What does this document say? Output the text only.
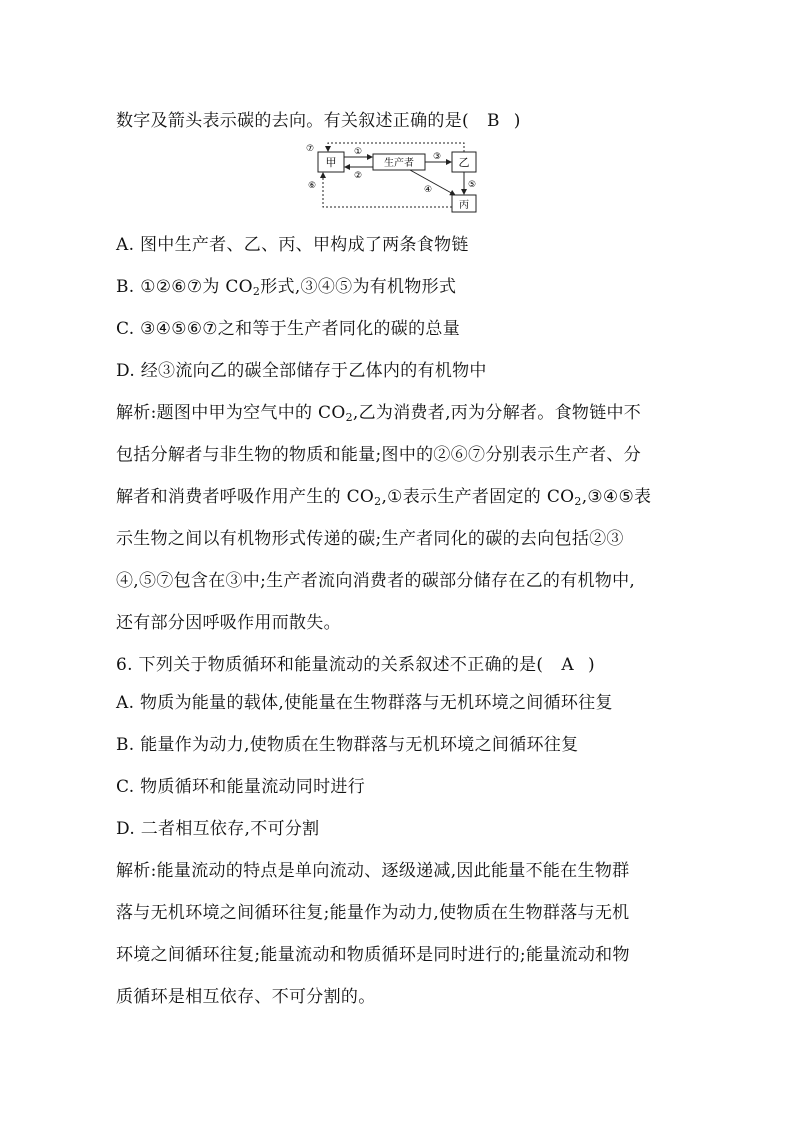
数字及箭头表示碳的去向。有关叙述正确的是( B )
甲	生产者	乙
丙
①
②
③
④	⑤
⑥
⑦
A. 图中生产者、乙、丙、甲构成了两条食物链
B. ①②⑥⑦为 $CO_2$形式,③④⑤为有机物形式
C. ③④⑤⑥⑦之和等于生产者同化的碳的总量
D. 经③流向乙的碳全部储存于乙体内的有机物中
解析:题图中甲为空气中的 $CO_2$,乙为消费者,丙为分解者。食物链中不
包括分解者与非生物的物质和能量;图中的②⑥⑦分别表示生产者、分
解者和消费者呼吸作用产生的 $CO_2,①$表示生产者固定的 $CO_2,③④⑤$表
示生物之间以有机物形式传递的碳;生产者同化的碳的去向包括②③
④,⑤⑦包含在③中;生产者流向消费者的碳部分储存在乙的有机物中,
还有部分因呼吸作用而散失。
6. 下列关于物质循环和能量流动的关系叙述不正确的是( A )
A. 物质为能量的载体,使能量在生物群落与无机环境之间循环往复
B. 能量作为动力,使物质在生物群落与无机环境之间循环往复
C. 物质循环和能量流动同时进行
D. 二者相互依存,不可分割
解析:能量流动的特点是单向流动、逐级递减,因此能量不能在生物群
落与无机环境之间循环往复;能量作为动力,使物质在生物群落与无机
环境之间循环往复;能量流动和物质循环是同时进行的;能量流动和物
质循环是相互依存、不可分割的。
